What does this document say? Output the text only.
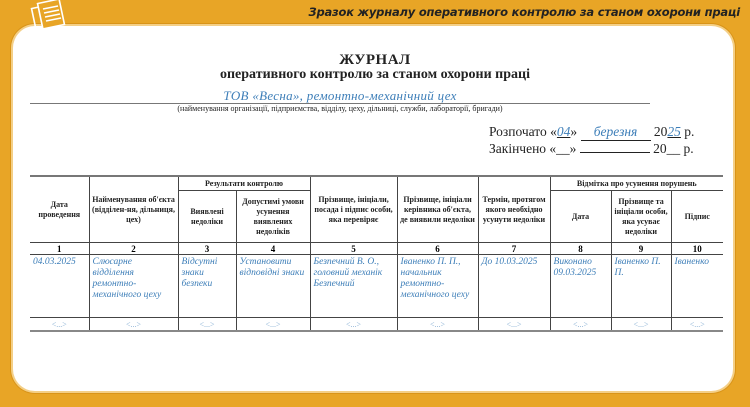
Зразок журналу оперативного контролю за станом охорони праці
ЖУРНАЛ
оперативного контролю за станом охорони праці
ТОВ «Весна», ремонтно-механічний цех
(найменування організації, підприємства, відділу, цеху, дільниці, служби, лабораторії, бригади)
Розпочато «04» березня 2025 р.
Закінчено «__»	20__ р.
Дата проведення	Найменування об'єкта (відділен-ня, дільниця, цех)	Результати контролю		Прізвище, ініціали, посада і підпис особи, яка перевіряє	Прізвище, ініціали керівника об'єкта, де виявили недоліки	Термін, протягом якого необхідно усунути недоліки	Відмітка про усунення порушень		
		Виявлені недоліки	Допустимі умови усунення виявлених недоліків				Дата	Прізвище та ініціали особи, яка усуває недоліки	Підпис
1	2	3	4	5	6	7	8	9	10
04.03.2025	Слюсарне відділення ремонтно-механічного цеху	Відсутні знаки безпеки	Установити відповідні знаки	Безпечний В. О., головний механік Безпечний	Іваненко П. П., начальник ремонтно-механічного цеху	До 10.03.2025	Виконано 09.03.2025	Іваненко П. П.	Іваненко
<...>	<...>	<...>	<...>	<...>	<...>	<...>	<...>	<...>	<...>
